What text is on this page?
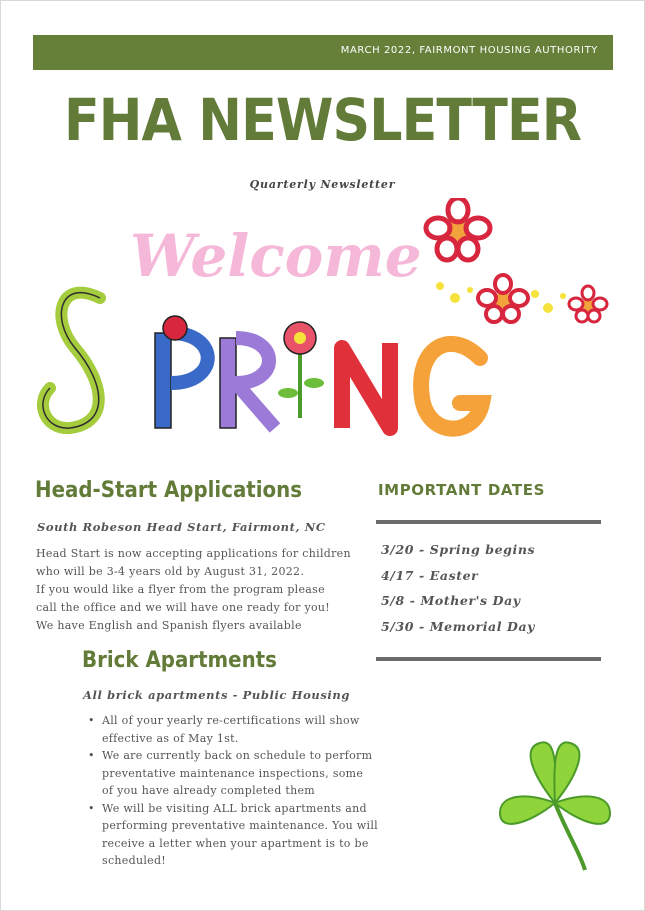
MARCH 2022, FAIRMONT HOUSING AUTHORITY
FHA NEWSLETTER
Quarterly Newsletter
Welcome
Head-Start Applications
South Robeson Head Start, Fairmont, NC
Head Start is now accepting applications for children
who will be 3-4 years old by August 31, 2022.
If you would like a flyer from the program please
call the office and we will have one ready for you!
We have English and Spanish flyers available
Brick Apartments
All brick apartments - Public Housing
• All of your yearly re-certifications will show effective as of May 1st.
• We are currently back on schedule to perform preventative maintenance inspections, some of you have already completed them
• We will be visiting ALL brick apartments and performing preventative maintenance. You will receive a letter when your apartment is to be scheduled!
IMPORTANT DATES
3/20 - Spring begins
4/17 - Easter
5/8 - Mother's Day
5/30 - Memorial Day
